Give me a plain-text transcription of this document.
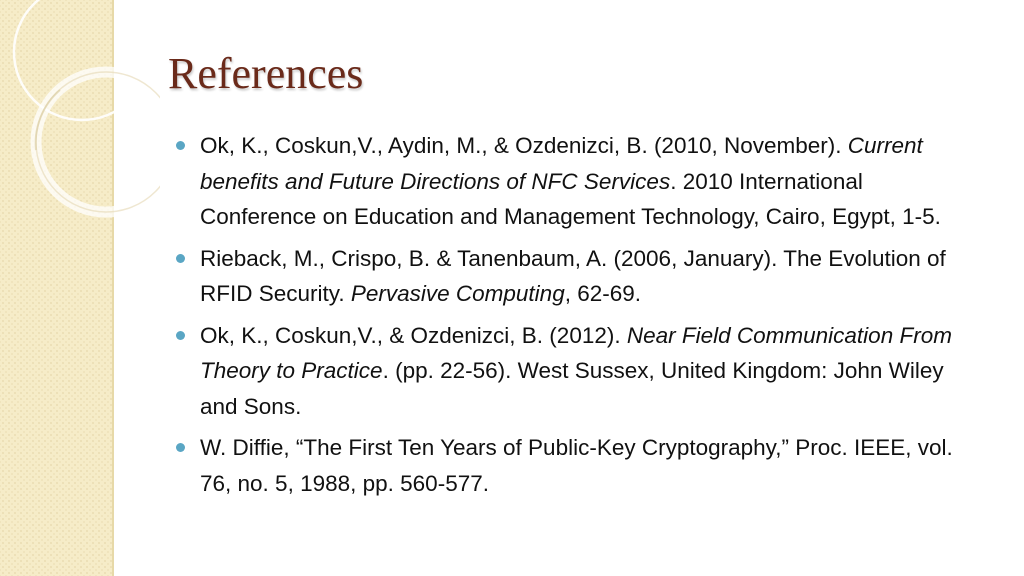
References
Ok, K., Coskun,V., Aydin, M., & Ozdenizci, B. (2010, November). Current benefits and Future Directions of NFC Services. 2010 International Conference on Education and Management Technology, Cairo, Egypt, 1-5.
Rieback, M., Crispo, B. & Tanenbaum, A. (2006, January). The Evolution of RFID Security. Pervasive Computing, 62-69.
Ok, K., Coskun,V., & Ozdenizci, B. (2012). Near Field Communication From Theory to Practice. (pp. 22-56). West Sussex, United Kingdom: John Wiley and Sons.
W. Diffie, “The First Ten Years of Public-Key Cryptography,” Proc. IEEE, vol. 76, no. 5, 1988, pp. 560-577.
